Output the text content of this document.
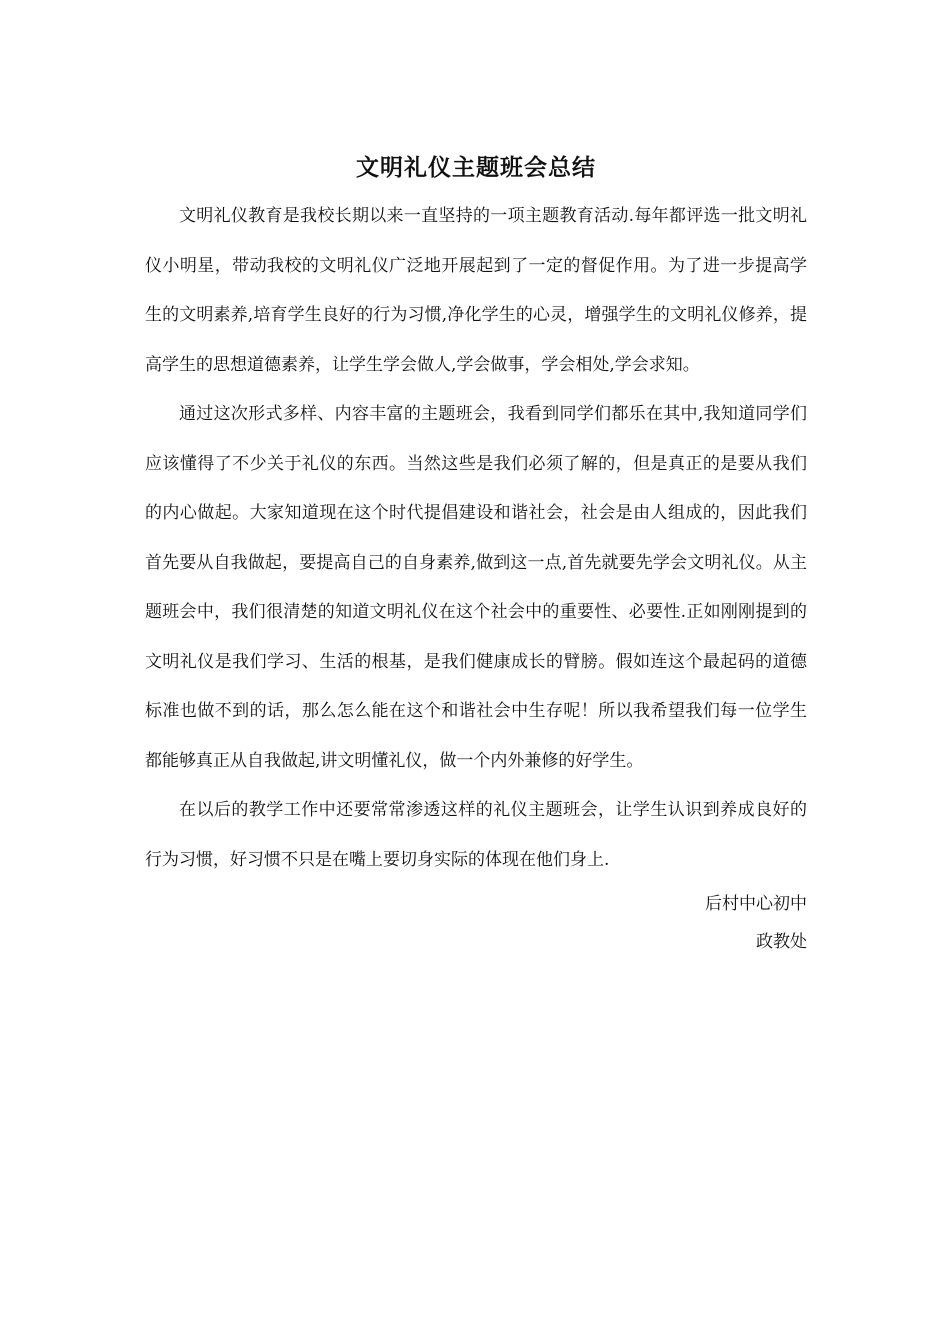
文明礼仪主题班会总结

文明礼仪教育是我校长期以来一直坚持的一项主题教育活动.每年都评选一批文明礼仪小明星，带动我校的文明礼仪广泛地开展起到了一定的督促作用。为了进一步提高学生的文明素养,培育学生良好的行为习惯,净化学生的心灵，增强学生的文明礼仪修养，提高学生的思想道德素养，让学生学会做人,学会做事，学会相处,学会求知。

通过这次形式多样、内容丰富的主题班会，我看到同学们都乐在其中,我知道同学们应该懂得了不少关于礼仪的东西。当然这些是我们必须了解的，但是真正的是要从我们的内心做起。大家知道现在这个时代提倡建设和谐社会，社会是由人组成的，因此我们首先要从自我做起，要提高自己的自身素养,做到这一点,首先就要先学会文明礼仪。从主题班会中，我们很清楚的知道文明礼仪在这个社会中的重要性、必要性.正如刚刚提到的文明礼仪是我们学习、生活的根基，是我们健康成长的臂膀。假如连这个最起码的道德标准也做不到的话，那么怎么能在这个和谐社会中生存呢！所以我希望我们每一位学生都能够真正从自我做起,讲文明懂礼仪，做一个内外兼修的好学生。

在以后的教学工作中还要常常渗透这样的礼仪主题班会，让学生认识到养成良好的行为习惯，好习惯不只是在嘴上要切身实际的体现在他们身上.

后村中心初中

政教处
